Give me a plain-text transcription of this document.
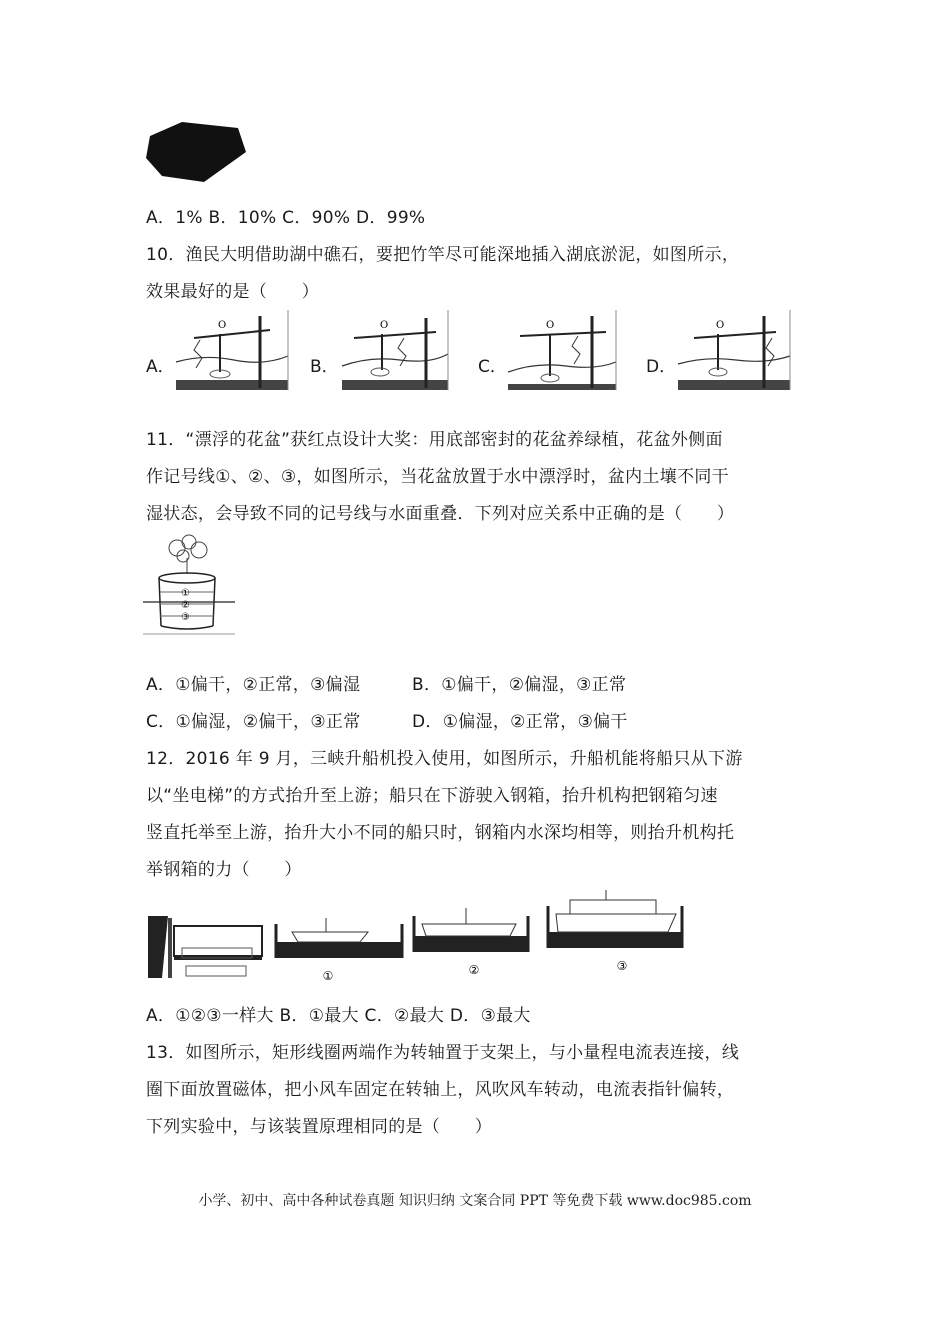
A．1% B．10% C．90% D．99%
10．渔民大明借助湖中礁石，要把竹竿尽可能深地插入湖底淤泥，如图所示，
效果最好的是（　　）
A．	B．	C．	D．
O	O	O	O
11．“漂浮的花盆”获红点设计大奖：用底部密封的花盆养绿植，花盆外侧面
作记号线①、②、③，如图所示，当花盆放置于水中漂浮时，盆内土壤不同干
湿状态，会导致不同的记号线与水面重叠．下列对应关系中正确的是（　　）
①
②
③
A．①偏干，②正常，③偏湿	B．①偏干，②偏湿，③正常
C．①偏湿，②偏干，③正常	D．①偏湿，②正常，③偏干
12．2016 年 9 月，三峡升船机投入使用，如图所示，升船机能将船只从下游
以“坐电梯”的方式抬升至上游；船只在下游驶入钢箱，抬升机构把钢箱匀速
竖直托举至上游，抬升大小不同的船只时，钢箱内水深均相等，则抬升机构托
举钢箱的力（　　）
①	②	③
A．①②③一样大 B．①最大 C．②最大 D．③最大
13．如图所示，矩形线圈两端作为转轴置于支架上，与小量程电流表连接，线
圈下面放置磁体，把小风车固定在转轴上，风吹风车转动，电流表指针偏转，
下列实验中，与该装置原理相同的是（　　）
小学、初中、高中各种试卷真题 知识归纳 文案合同 PPT 等免费下载 www.doc985.com
